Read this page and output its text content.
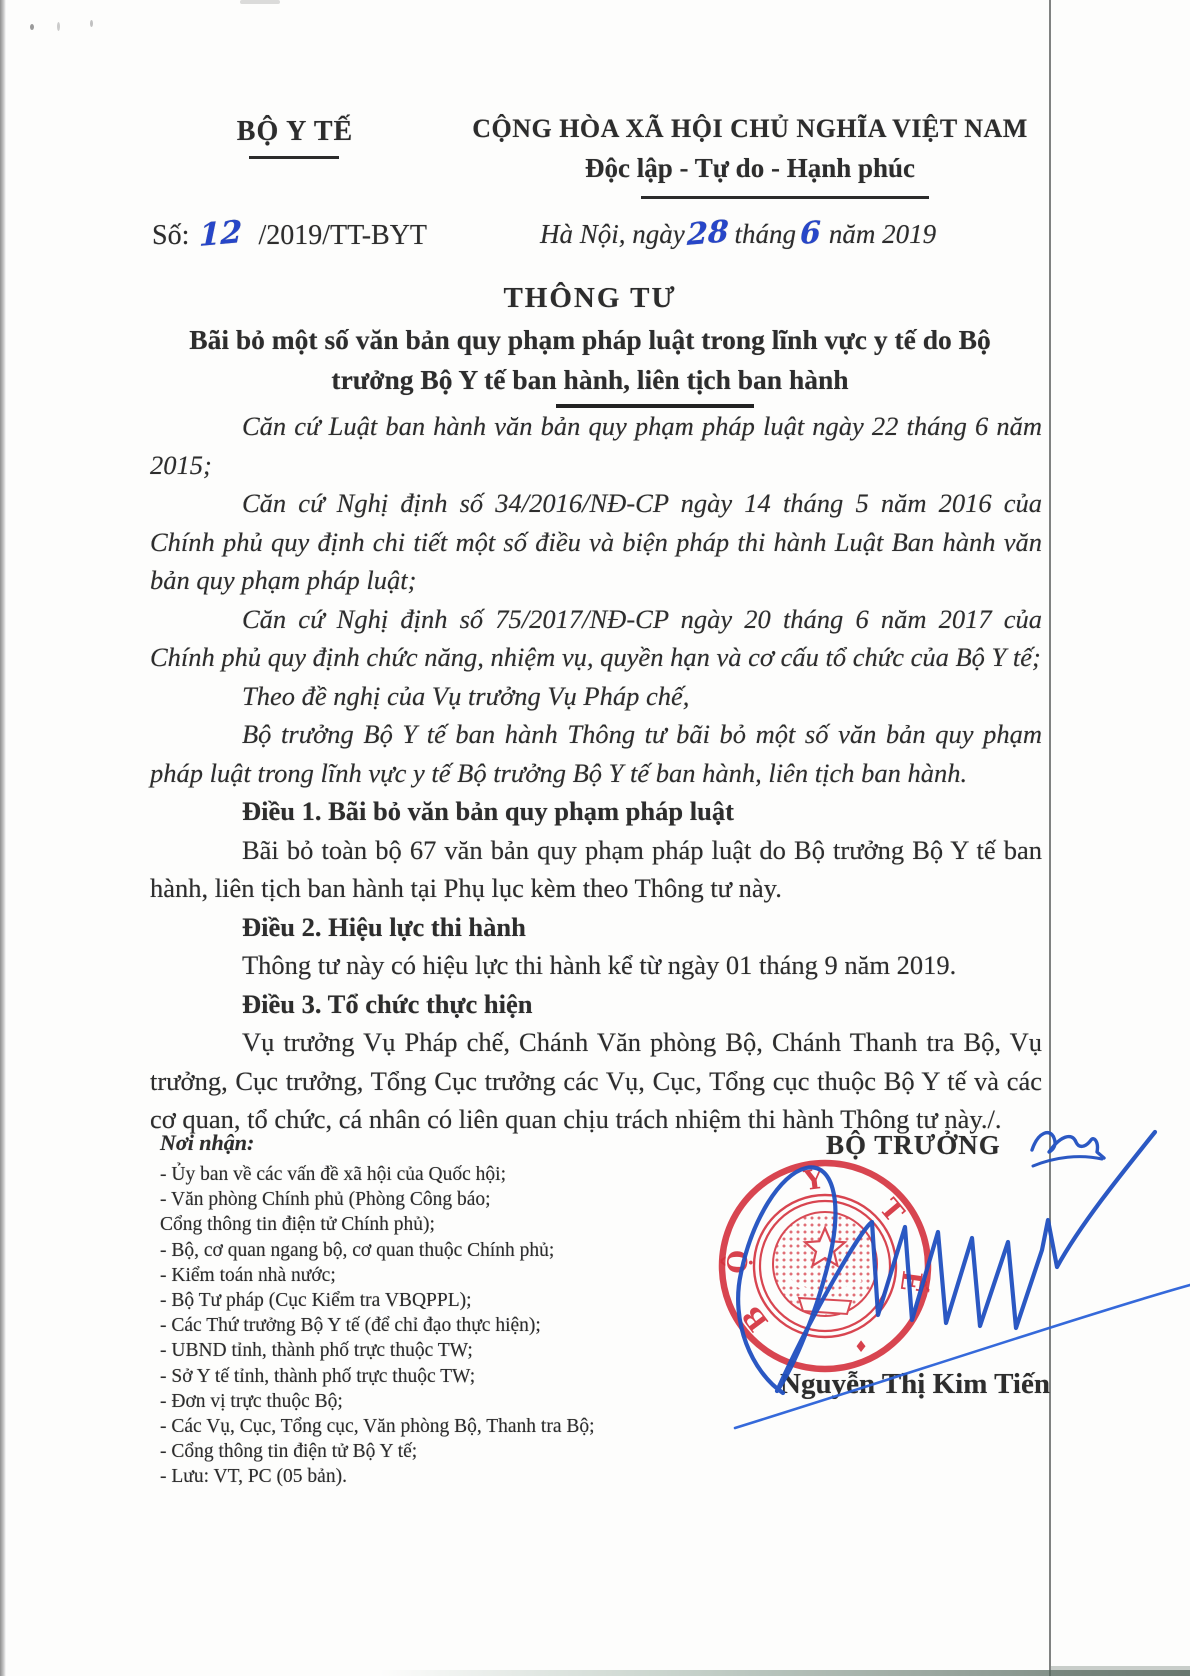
BỘ Y TẾ	CỘNG HÒA XÃ HỘI CHỦ NGHĨA VIỆT NAM
Độc lập - Tự do - Hạnh phúc
Số: 12 /2019/TT-BYT	Hà Nội, ngày28 tháng 6 năm 2019
THÔNG TƯ
Bãi bỏ một số văn bản quy phạm pháp luật trong lĩnh vực y tế do Bộ
trưởng Bộ Y tế ban hành, liên tịch ban hành

Căn cứ Luật ban hành văn bản quy phạm pháp luật ngày 22 tháng 6 năm 2015;

Căn cứ Nghị định số 34/2016/NĐ-CP ngày 14 tháng 5 năm 2016 của Chính phủ quy định chi tiết một số điều và biện pháp thi hành Luật Ban hành văn bản quy phạm pháp luật;

Căn cứ Nghị định số 75/2017/NĐ-CP ngày 20 tháng 6 năm 2017 của Chính phủ quy định chức năng, nhiệm vụ, quyền hạn và cơ cấu tổ chức của Bộ Y tế;

Theo đề nghị của Vụ trưởng Vụ Pháp chế,

Bộ trưởng Bộ Y tế ban hành Thông tư bãi bỏ một số văn bản quy phạm pháp luật trong lĩnh vực y tế Bộ trưởng Bộ Y tế ban hành, liên tịch ban hành.

Điều 1. Bãi bỏ văn bản quy phạm pháp luật

Bãi bỏ toàn bộ 67 văn bản quy phạm pháp luật do Bộ trưởng Bộ Y tế ban hành, liên tịch ban hành tại Phụ lục kèm theo Thông tư này.

Điều 2. Hiệu lực thi hành

Thông tư này có hiệu lực thi hành kể từ ngày 01 tháng 9 năm 2019.

Điều 3. Tổ chức thực hiện

Vụ trưởng Vụ Pháp chế, Chánh Văn phòng Bộ, Chánh Thanh tra Bộ, Vụ trưởng, Cục trưởng, Tổng Cục trưởng các Vụ, Cục, Tổng cục thuộc Bộ Y tế và các cơ quan, tổ chức, cá nhân có liên quan chịu trách nhiệm thi hành Thông tư này./.

Nơi nhận:
- Ủy ban về các vấn đề xã hội của Quốc hội;
- Văn phòng Chính phủ (Phòng Công báo;
Cổng thông tin điện tử Chính phủ);
- Bộ, cơ quan ngang bộ, cơ quan thuộc Chính phủ;
- Kiểm toán nhà nước;
- Bộ Tư pháp (Cục Kiểm tra VBQPPL);
- Các Thứ trưởng Bộ Y tế (để chỉ đạo thực hiện);
- UBND tỉnh, thành phố trực thuộc TW;
- Sở Y tế tỉnh, thành phố trực thuộc TW;
- Đơn vị trực thuộc Bộ;
- Các Vụ, Cục, Tổng cục, Văn phòng Bộ, Thanh tra Bộ;
- Cổng thông tin điện tử Bộ Y tế;
- Lưu: VT, PC (05 bản).
BỘ TRƯỞNG
Nguyễn Thị Kim Tiến
B
Ộ
Y
T
Ế
♦
